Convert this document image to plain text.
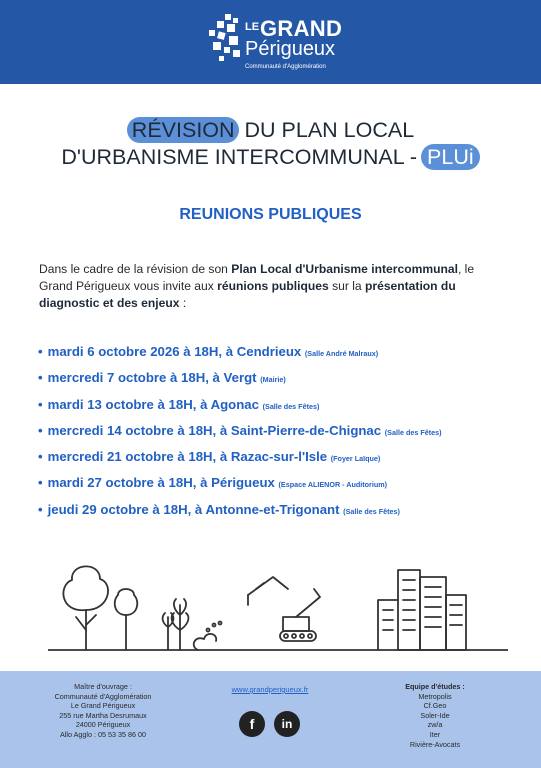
LE GRAND
Périgueux
Communauté d'Agglomération
RÉVISION DU PLAN LOCAL
D'URBANISME INTERCOMMUNAL - PLUi
REUNIONS PUBLIQUES
Dans le cadre de la révision de son Plan Local d'Urbanisme intercommunal, le Grand Périgueux vous invite aux réunions publiques sur la présentation du diagnostic et des enjeux :
• mardi 6 octobre 2026 à 18H, à Cendrieux (Salle André Malraux)
• mercredi 7 octobre à 18H, à Vergt (Mairie)
• mardi 13 octobre à 18H, à Agonac (Salle des Fêtes)
• mercredi 14 octobre à 18H, à Saint-Pierre-de-Chignac (Salle des Fêtes)
• mercredi 21 octobre à 18H, à Razac-sur-l'Isle (Foyer Laïque)
• mardi 27 octobre à 18H, à Périgueux (Espace ALIENOR - Auditorium)
• jeudi 29 octobre à 18H, à Antonne-et-Trigonant (Salle des Fêtes)
Maître d'ouvrage :
Communauté d'Agglomération
Le Grand Périgueux
255 rue Martha Desrumaux
24000 Périgueux
Allo Agglo : 05 53 35 86 00
www.grandperigueux.fr
f	in
Equipe d'études :
Metropolis
Cf.Geo
Soler-Ide
zw/a
Iter
Rivière-Avocats
